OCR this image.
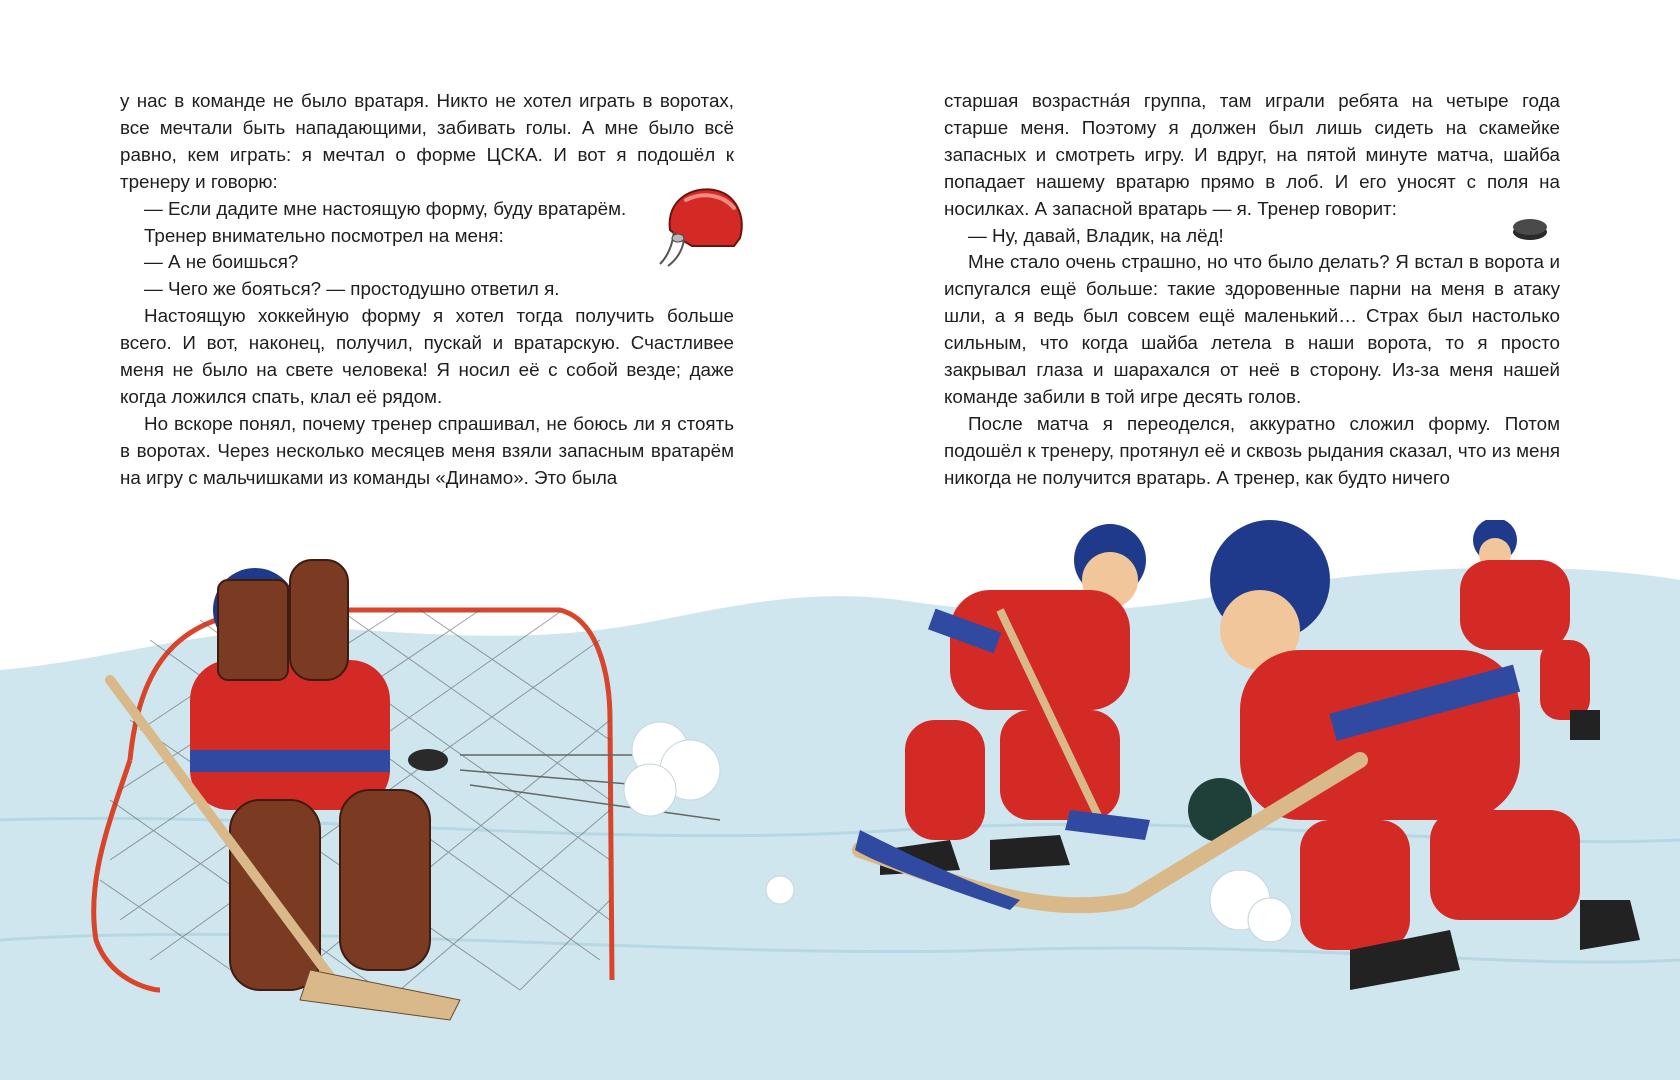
у нас в команде не было вратаря. Никто не хотел играть в воротах, все мечтали быть нападающими, забивать голы. А мне было всё равно, кем играть: я мечтал о форме ЦСКА. И вот я подошёл к тренеру и говорю:

— Если дадите мне настоящую форму, буду вратарём.

Тренер внимательно посмотрел на меня:

— А не боишься?

— Чего же бояться? — простодушно ответил я.

Настоящую хоккейную форму я хотел тогда получить больше всего. И вот, наконец, получил, пускай и вратарскую. Счастливее меня не было на свете человека! Я носил её с собой везде; даже когда ложился спать, клал её рядом.

Но вскоре понял, почему тренер спрашивал, не боюсь ли я стоять в воротах. Через несколько месяцев меня взяли запасным вратарём на игру с мальчишками из команды «Динамо». Это была

старшая возрастна́я группа, там играли ребята на четыре года старше меня. Поэтому я должен был лишь сидеть на скамейке запасных и смотреть игру. И вдруг, на пятой минуте матча, шайба попадает нашему вратарю прямо в лоб. И его уносят с поля на носилках. А запасной вратарь — я. Тренер говорит:

— Ну, давай, Владик, на лёд!

Мне стало очень страшно, но что было делать? Я встал в ворота и испугался ещё больше: такие здоровенные парни на меня в атаку шли, а я ведь был совсем ещё маленький… Страх был настолько сильным, что когда шайба летела в наши ворота, то я просто закрывал глаза и шарахался от неё в сторону. Из-за меня нашей команде забили в той игре десять голов.

После матча я переоделся, аккуратно сложил форму. Потом подошёл к тренеру, протянул её и сквозь рыдания сказал, что из меня никогда не получится вратарь. А тренер, как будто ничего
